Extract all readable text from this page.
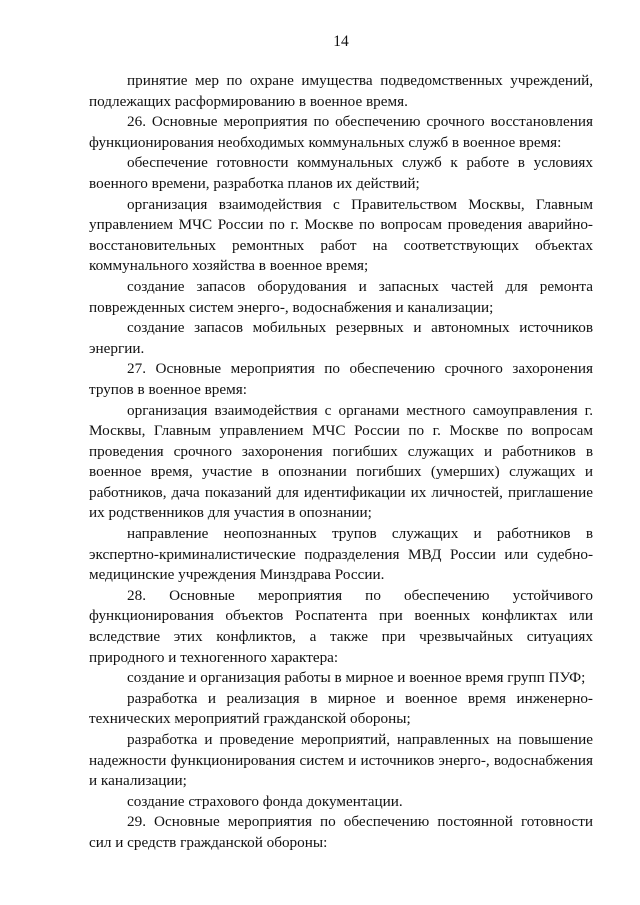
14

принятие мер по охране имущества подведомственных учреждений, подлежащих расформированию в военное время.

26. Основные мероприятия по обеспечению срочного восстановления функционирования необходимых коммунальных служб в военное время:

обеспечение готовности коммунальных служб к работе в условиях военного времени, разработка планов их действий;

организация взаимодействия с Правительством Москвы, Главным управлением МЧС России по г. Москве по вопросам проведения аварийно-восстановительных ремонтных работ на соответствующих объектах коммунального хозяйства в военное время;

создание запасов оборудования и запасных частей для ремонта поврежденных систем энерго-, водоснабжения и канализации;

создание запасов мобильных резервных и автономных источников энергии.

27. Основные мероприятия по обеспечению срочного захоронения трупов в военное время:

организация взаимодействия с органами местного самоуправления г. Москвы, Главным управлением МЧС России по г. Москве по вопросам проведения срочного захоронения погибших служащих и работников в военное время, участие в опознании погибших (умерших) служащих и работников, дача показаний для идентификации их личностей, приглашение их родственников для участия в опознании;

направление неопознанных трупов служащих и работников в экспертно-криминалистические подразделения МВД России или судебно-медицинские учреждения Минздрава России.

28. Основные мероприятия по обеспечению устойчивого функционирования объектов Роспатента при военных конфликтах или вследствие этих конфликтов, а также при чрезвычайных ситуациях природного и техногенного характера:

создание и организация работы в мирное и военное время групп ПУФ;

разработка и реализация в мирное и военное время инженерно-технических мероприятий гражданской обороны;

разработка и проведение мероприятий, направленных на повышение надежности функционирования систем и источников энерго-, водоснабжения и канализации;

создание страхового фонда документации.

29. Основные мероприятия по обеспечению постоянной готовности сил и средств гражданской обороны:
